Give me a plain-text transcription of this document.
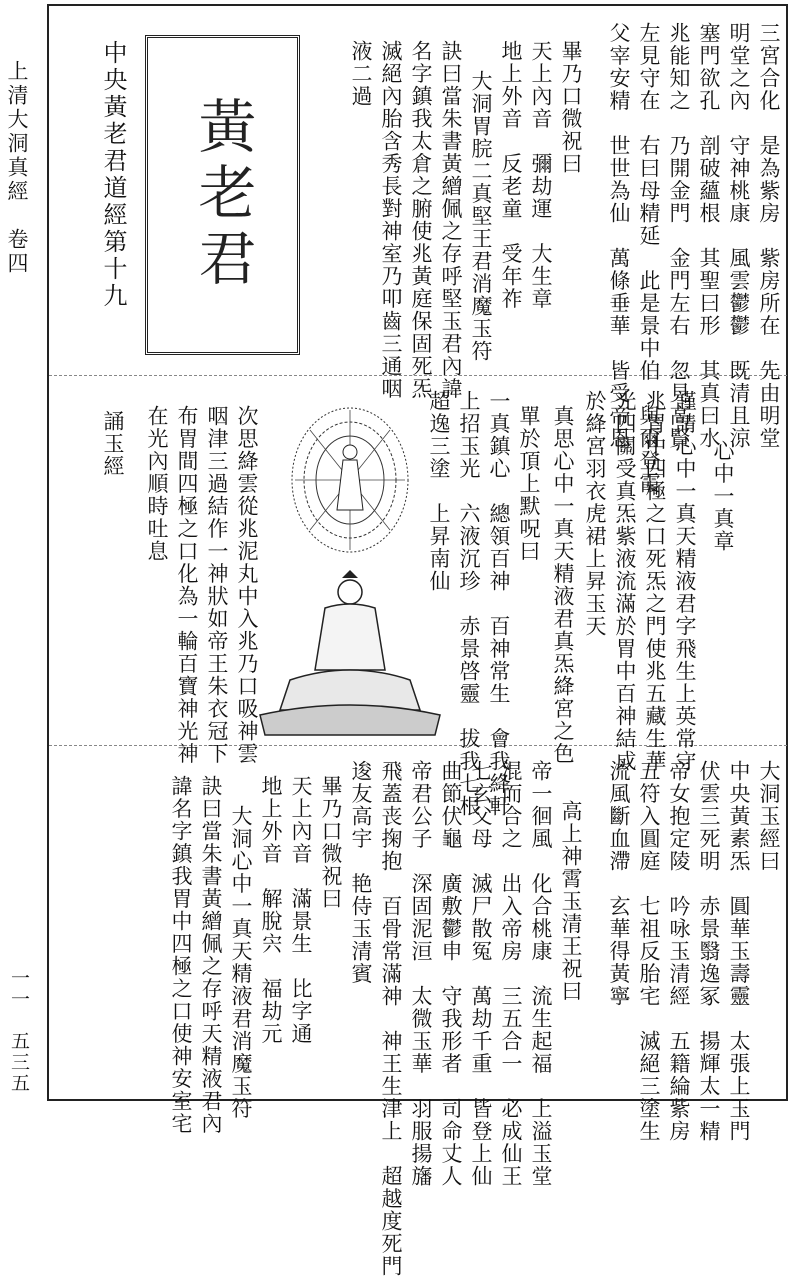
上清大洞真經　卷四
一一　五三五
三宮合化　是為紫房　紫房所在　先由明堂
明堂之內　守神桃康　風雲鬱鬱　既清且涼
塞門欲孔　剖破蘊根　其聖曰形　其真曰水
兆能知之　乃開金門　金門左右　忽見高賢
左見守在　右曰母精延　此是景中伯　與爾登霞
父宰安精　世世為仙　萬條垂華　皆受帝恩
畢乃口微祝曰
天上內音　彌劫運　大生章
地上外音　反老童　受年祚
大洞胃脘二真堅王君消魔玉符
訣曰當朱書黃繒佩之存呼堅玉君內諱
名字鎮我太倉之腑使兆黃庭保固死炁
滅絕內胎含秀長對神室乃叩齒三通咽
液二過
黃老君
中央黃老君道經第十九
心中一真章
謹請心中一真天精液君字飛生上英常守
兆胃中四極之口死炁之門使兆五藏生華
光四關受真炁紫液流滿於胃中百神結成
於絳宮羽衣虎裙上昇玉天
真思心中一真天精液君真炁絳宮之色
單於頂上默呪曰
一真鎮心　總領百神　百神常生　會我絳軒
上招玉光　六液沉珍　赤景啓靈　拔我七根
超逸三塗　上昇南仙
次思絳雲從兆泥丸中入兆乃口吸神雲
咽津三過結作一神狀如帝王朱衣冠下
布胃間四極之口化為一輪百寶神光神
在光內順時吐息
誦玉經
大洞玉經曰
中央黃素炁　圓華玉壽靈　太張上玉門
伏雲三死明　赤景翳逸冢　揚輝太一精
帝女抱定陵　吟咏玉清經　五籍綸紫房
五符入圓庭　七祖反胎宅　滅絕三塗生
流風斷血滯　玄華得黃寧
高上神霄玉清王祝曰
帝一徊風　化合桃康　流生起福　上溢玉堂
混而合之　出入帝房　三五合一　必成仙王
七玄父母　滅尸散冤　萬劫千重　皆登上仙
曲節伏龜　廣敷鬱申　守我形者　司命丈人
帝君公子　深固泥洹　太微玉華　羽服揚旛
飛蓋丧掬抱　百骨常滿神　神王生津上　超越度死門
逡友高宇　艳侍玉清賓
畢乃口微祝曰
天上內音　滿景生　比字通
地上外音　解脫宍　福劫元
大洞心中一真天精液君消魔玉符
訣曰當朱書黃繒佩之存呼天精液君內
諱名字鎮我胃中四極之口使神安室宅
